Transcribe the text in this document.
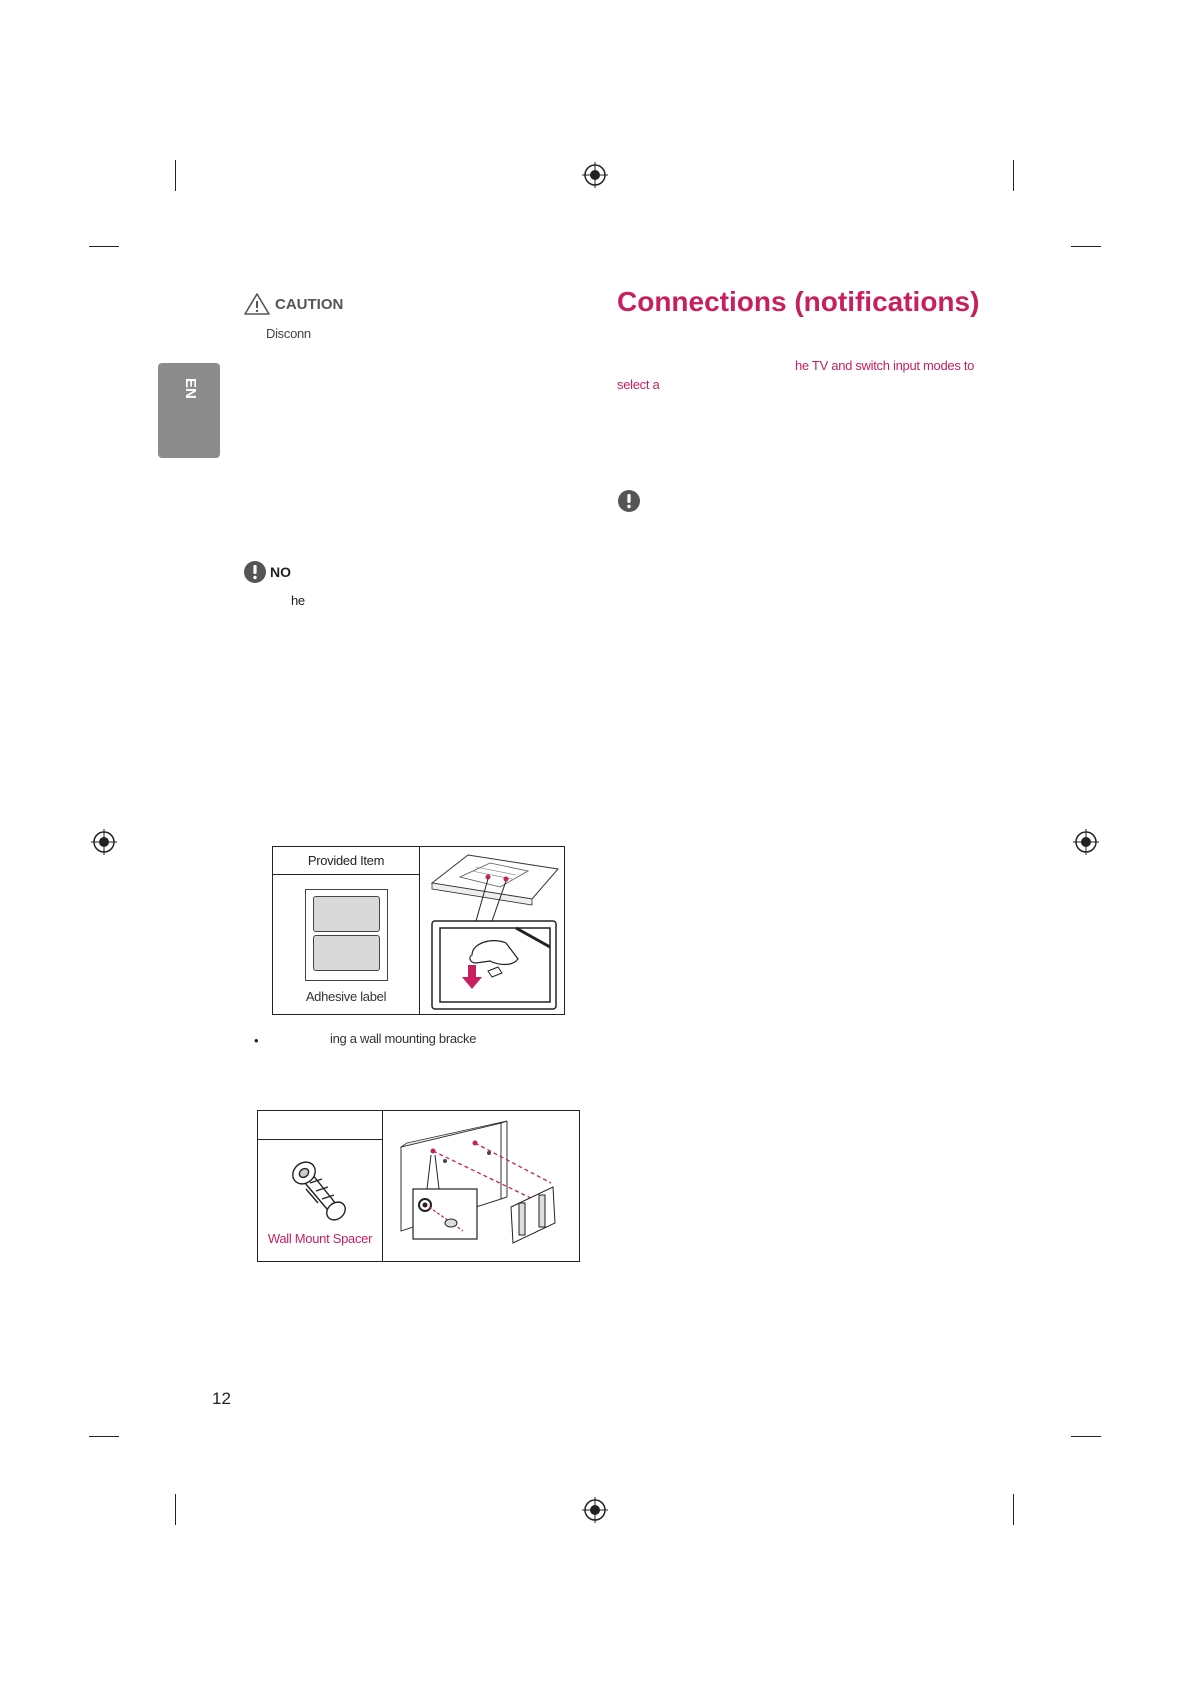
EN
CAUTION
Disconn
NO
he
Provided Item
Adhesive label
•	ing a wall mounting bracke
Wall Mount Spacer
Connections (notifications)
he TV and switch input modes to
select a
12
